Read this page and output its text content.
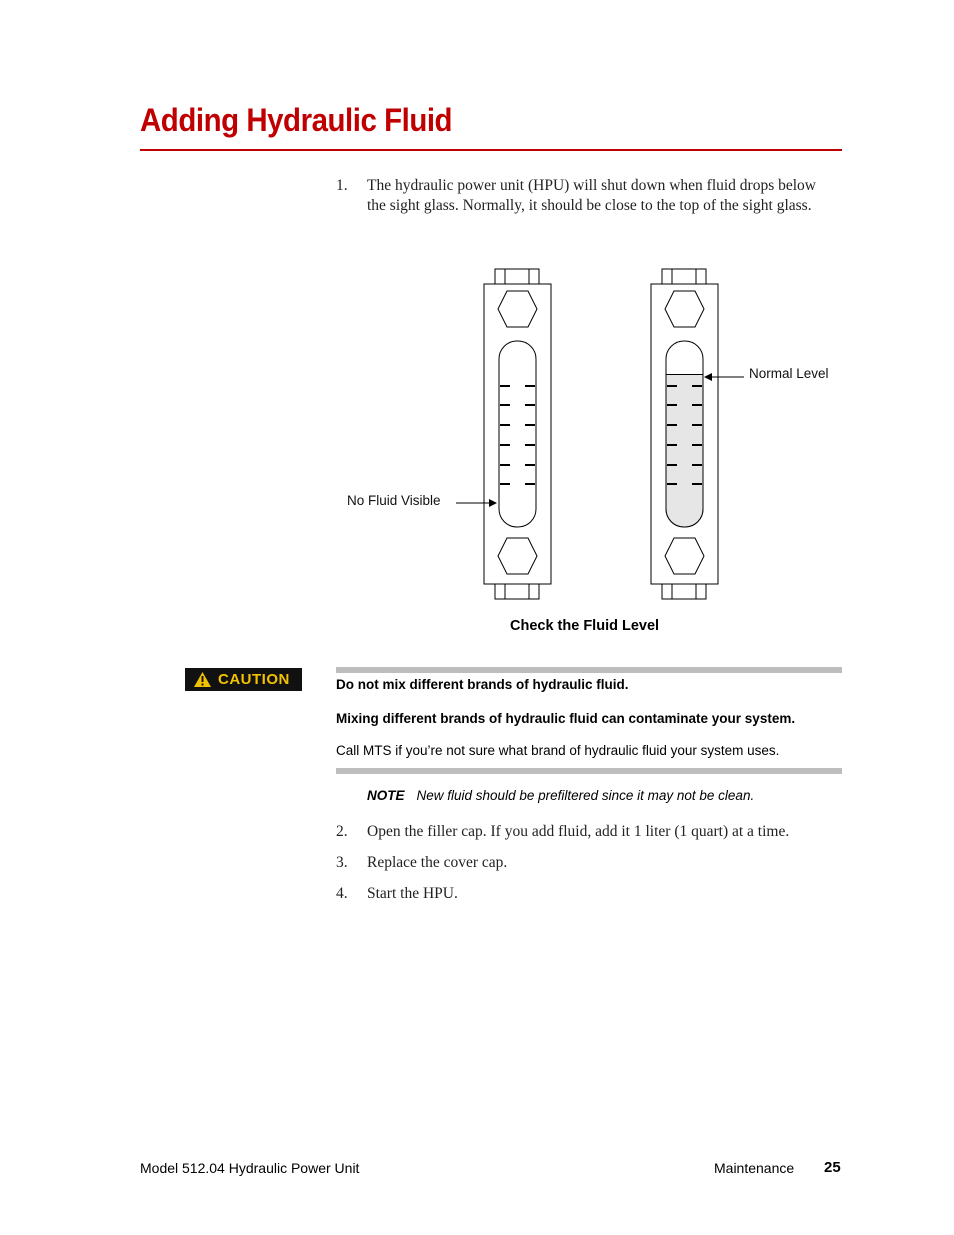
Adding Hydraulic Fluid
1. The hydraulic power unit (HPU) will shut down when fluid drops below the sight glass. Normally, it should be close to the top of the sight glass.
No Fluid Visible
Normal Level
Check the Fluid Level
CAUTION	Do not mix different brands of hydraulic fluid.
Mixing different brands of hydraulic fluid can contaminate your system.
Call MTS if you’re not sure what brand of hydraulic fluid your system uses.
NOTE New fluid should be prefiltered since it may not be clean.
2. Open the filler cap. If you add fluid, add it 1 liter (1 quart) at a time.
3. Replace the cover cap.
4. Start the HPU.
Model 512.04 Hydraulic Power Unit	Maintenance 25
